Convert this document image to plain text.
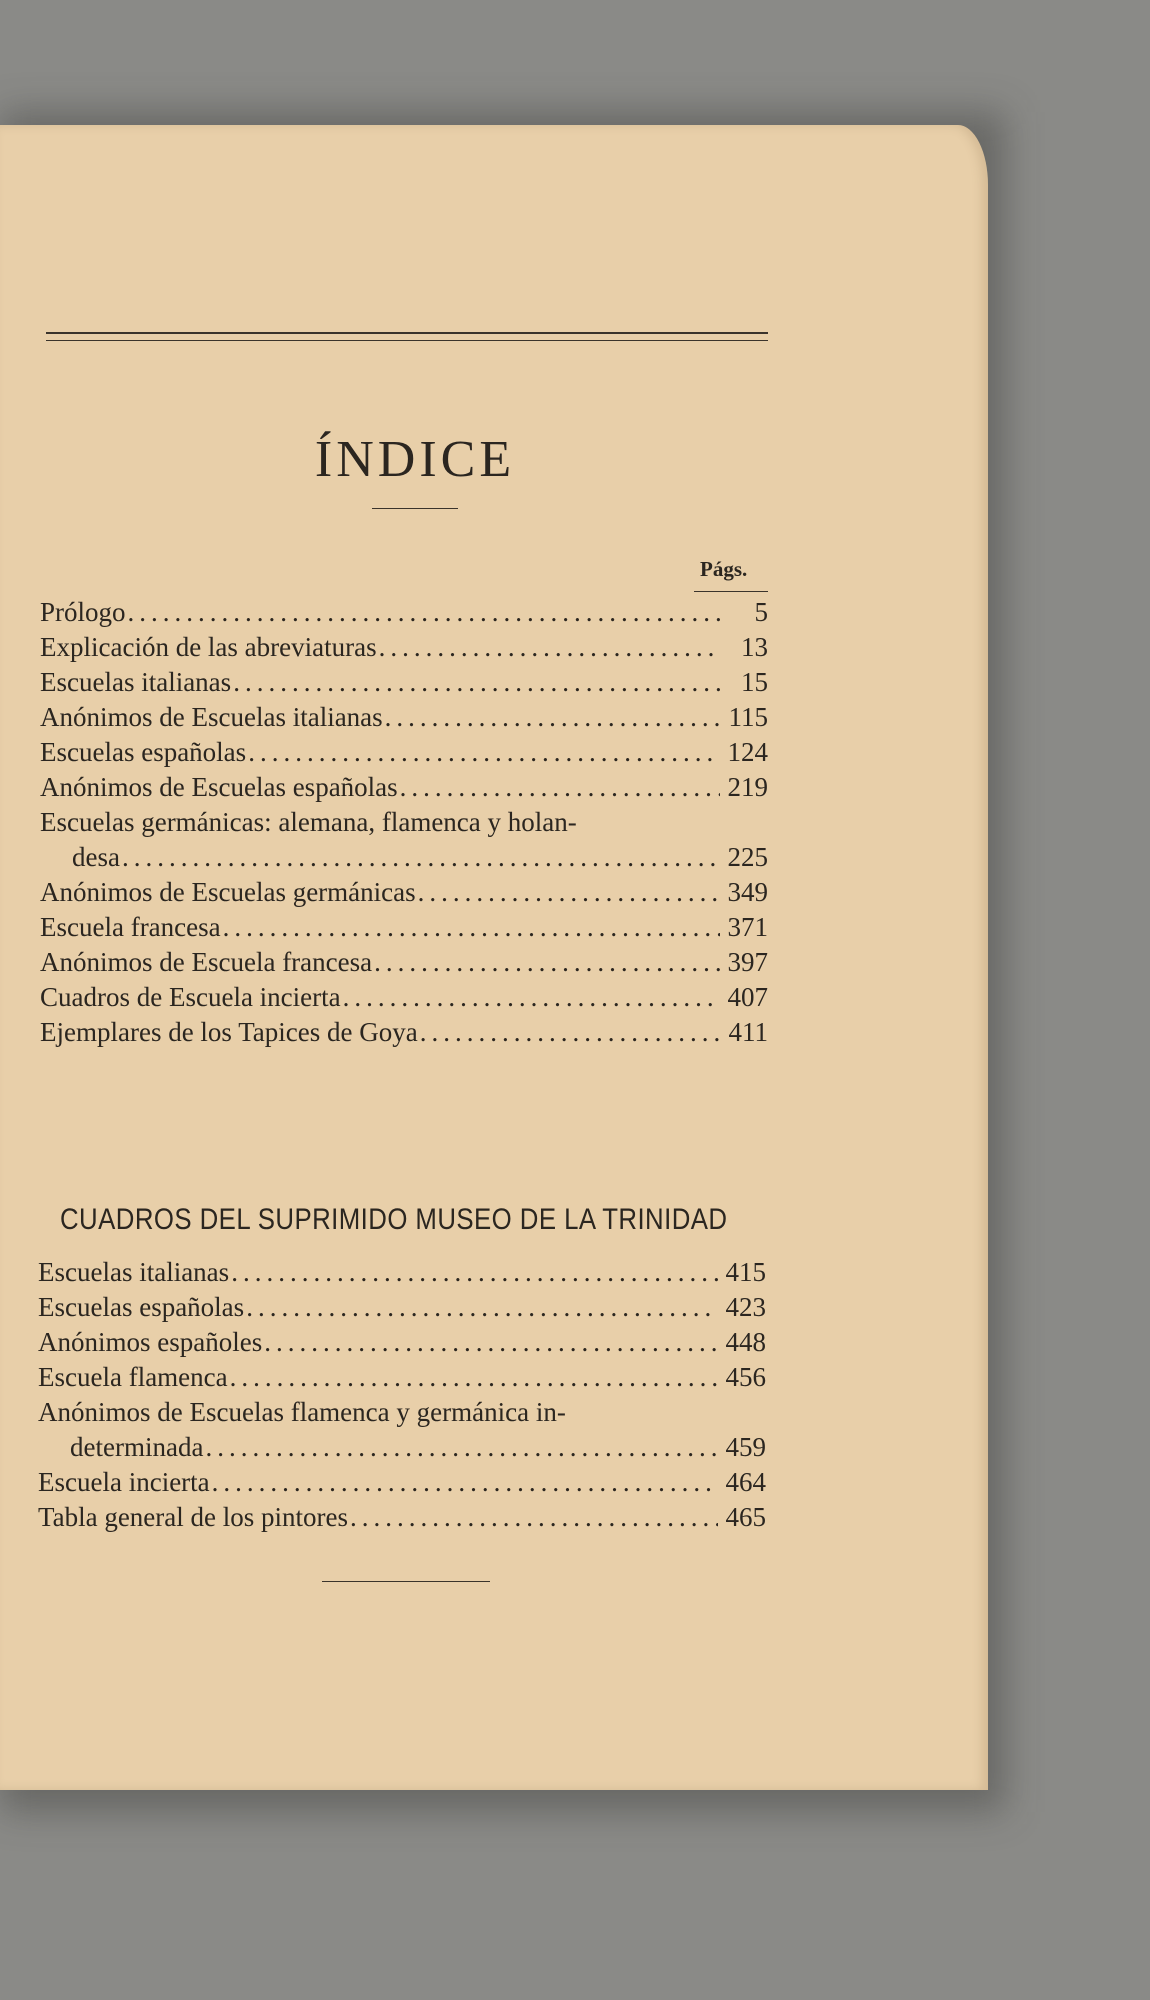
ÍNDICE
Págs.
Prólogo .....	5
Explicación de las abreviaturas .....	13
Escuelas italianas .....	15
Anónimos de Escuelas italianas .....	115
Escuelas españolas .....	124
Anónimos de Escuelas españolas .....	219
Escuelas germánicas: alemana, flamenca y holan-
desa .....	225
Anónimos de Escuelas germánicas .....	349
Escuela francesa .....	371
Anónimos de Escuela francesa .....	397
Cuadros de Escuela incierta .....	407
Ejemplares de los Tapices de Goya .....	411
CUADROS DEL SUPRIMIDO MUSEO DE LA TRINIDAD
Escuelas italianas .....	415
Escuelas españolas .....	423
Anónimos españoles .....	448
Escuela flamenca .....	456
Anónimos de Escuelas flamenca y germánica in-
determinada .....	459
Escuela incierta .....	464
Tabla general de los pintores .....	465
